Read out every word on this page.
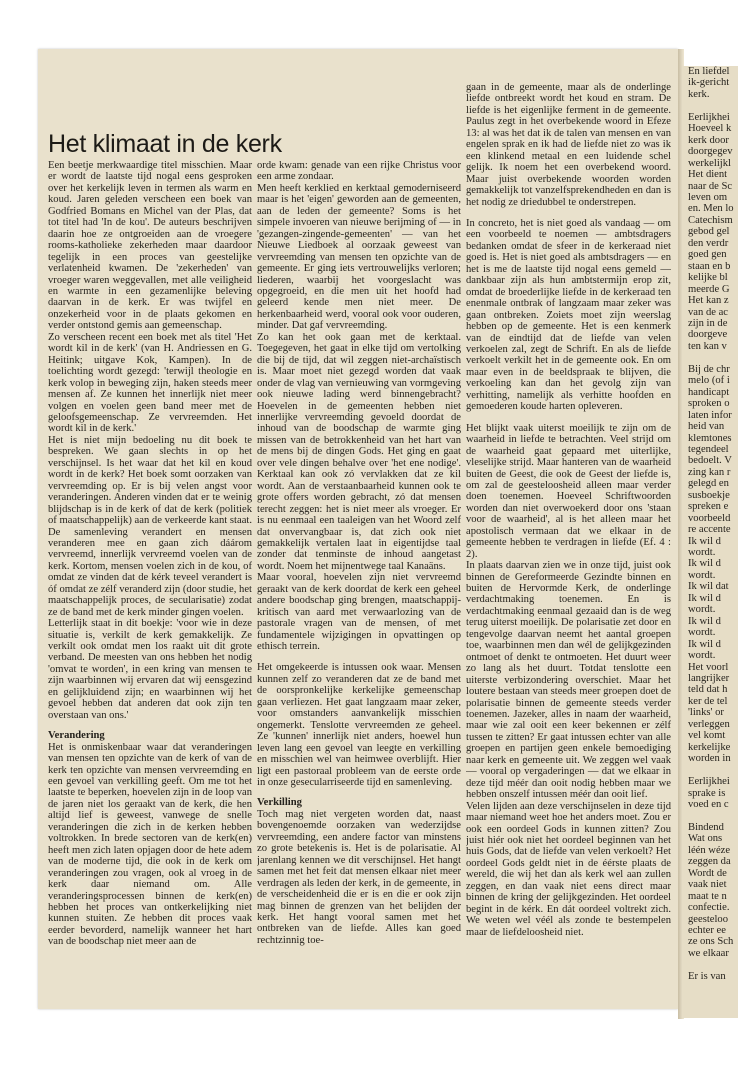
Het klimaat in de kerk

Een beetje merkwaardige titel misschien. Maar er wordt de laatste tijd nogal eens gesproken over het kerkelijk leven in termen als warm en koud. Jaren geleden verscheen een boek van Godfried Bomans en Michel van der Plas, dat tot titel had 'In de kou'. De auteurs beschrijven daarin hoe ze ontgroeiden aan de vroegere rooms-katholieke zekerheden maar daardoor tegelijk in een proces van geestelijke verlatenheid kwamen. De 'zekerheden' van vroeger waren weggevallen, met alle veiligheid en warmte in een gezamenlijke beleving daarvan in de kerk. Er was twijfel en onzekerheid voor in de plaats gekomen en verder ontstond gemis aan gemeenschap.

Zo verscheen recent een boek met als titel 'Het wordt kil in de kerk' (van H. Andriessen en G. Heitink; uitgave Kok, Kampen). In de toelichting wordt gezegd: 'terwijl theologie en kerk volop in beweging zijn, haken steeds meer mensen af. Ze kunnen het innerlijk niet meer volgen en voelen geen band meer met de geloofsgemeenschap. Ze vervreemden. Het wordt kil in de kerk.'

Het is niet mijn bedoeling nu dit boek te bespreken. We gaan slechts in op het verschijnsel. Is het waar dat het kil en koud wordt in de kerk? Het boek somt oorzaken van vervreemding op. Er is bij velen angst voor veranderingen. Anderen vinden dat er te weinig blijdschap is in de kerk of dat de kerk (politiek of maatschappelijk) aan de verkeerde kant staat. De samenleving verandert en mensen veranderen mee en gaan zich dáárom vervreemd, innerlijk vervreemd voelen van de kerk. Kortom, mensen voelen zich in de kou, of omdat ze vinden dat de kérk teveel verandert is óf omdat ze zélf veranderd zijn (door studie, het maatschappelijk proces, de secularisatie) zodat ze de band met de kerk minder gingen voelen.

Letterlijk staat in dit boekje: 'voor wie in deze situatie is, verkilt de kerk gemakkelijk. Ze verkilt ook omdat men los raakt uit dit grote verband. De meesten van ons hebben het nodig 'omvat te worden', in een kring van mensen te zijn waarbinnen wij ervaren dat wij eensgezind en gelijkluidend zijn; en waarbinnen wij het gevoel hebben dat anderen dat ook zijn ten overstaan van ons.'

Verandering

Het is onmiskenbaar waar dat veranderingen van mensen ten opzichte van de kerk of van de kerk ten opzichte van mensen vervreemding en een gevoel van verkilling geeft. Om me tot het laatste te beperken, hoevelen zijn in de loop van de jaren niet los geraakt van de kerk, die hen altijd lief is geweest, vanwege de snelle veranderingen die zich in de kerken hebben voltrokken. In brede sectoren van de kerk(en) heeft men zich laten opjagen door de hete adem van de moderne tijd, die ook in de kerk om veranderingen zou vragen, ook al vroeg in de kerk daar niemand om. Alle veranderingsprocessen binnen de kerk(en) hebben het proces van ontkerkelijking niet kunnen stuiten. Ze hebben dit proces vaak eerder bevorderd, namelijk wanneer het hart van de boodschap niet meer aan de

orde kwam: genade van een rijke Christus voor een arme zondaar.

Men heeft kerklied en kerktaal gemoderniseerd maar is het 'eigen' geworden aan de gemeenten, aan de leden der gemeente? Soms is het simpele invoeren van nieuwe berijming of — in 'gezangen-zingende-gemeenten' — van het Nieuwe Liedboek al oorzaak geweest van vervreemding van mensen ten opzichte van de gemeente. Er ging iets vertrouwelijks verloren; liederen, waarbij het voorgeslacht was opgegroeid, en die men uit het hoofd had geleerd kende men niet meer. De herkenbaarheid werd, vooral ook voor ouderen, minder. Dat gaf vervreemding.

Zo kan het ook gaan met de kerktaal. Toegegeven, het gaat in elke tijd om vertolking die bij de tijd, dat wil zeggen niet-archaïstisch is. Maar moet niet gezegd worden dat vaak onder de vlag van vernieuwing van vormgeving ook nieuwe lading werd binnengebracht? Hoevelen in de gemeenten hebben niet innerlijke vervreemding gevoeld doordat de inhoud van de boodschap de warmte ging missen van de betrokkenheid van het hart van de mens bij de dingen Gods. Het ging en gaat over vele dingen behalve over 'het ene nodige'. Kerktaal kan ook zó vervlakken dat ze kil wordt. Aan de verstaanbaarheid kunnen ook te grote offers worden gebracht, zó dat mensen terecht zeggen: het is niet meer als vroeger. Er is nu eenmaal een taaleigen van het Woord zelf dat onvervangbaar is, dat zich ook niet gemakkelijk vertalen laat in eigentijdse taal zonder dat tenminste de inhoud aangetast wordt. Noem het mijnentwege taal Kanaäns.

Maar vooral, hoevelen zijn niet vervreemd geraakt van de kerk doordat de kerk een geheel andere boodschap ging brengen, maatschappij-kritisch van aard met verwaarlozing van de pastorale vragen van de mensen, of met fundamentele wijzigingen in opvattingen op ethisch terrein.

Het omgekeerde is intussen ook waar. Mensen kunnen zelf zo veranderen dat ze de band met de oorspronkelijke kerkelijke gemeenschap gaan verliezen. Het gaat langzaam maar zeker, voor omstanders aanvankelijk misschien ongemerkt. Tenslotte vervreemden ze geheel. Ze 'kunnen' innerlijk niet anders, hoewel hun leven lang een gevoel van leegte en verkilling en misschien wel van heimwee overblijft. Hier ligt een pastoraal probleem van de eerste orde in onze gesecularriseerde tijd en samenleving.

Verkilling

Toch mag niet vergeten worden dat, naast bovengenoemde oorzaken van wederzijdse vervreemding, een andere factor van minstens zo grote betekenis is. Het is de polarisatie. Al jarenlang kennen we dit verschijnsel. Het hangt samen met het feit dat mensen elkaar niet meer verdragen als leden der kerk, in de gemeente, in de verscheidenheid die er is en die er ook zijn mag binnen de grenzen van het belijden der kerk. Het hangt vooral samen met het ontbreken van de liefde. Alles kan goed rechtzinnig toe-

gaan in de gemeente, maar als de onderlinge liefde ontbreekt wordt het koud en stram. De liefde is het eigenlijke ferment in de gemeente. Paulus zegt in het overbekende woord in Efeze 13: al was het dat ik de talen van mensen en van engelen sprak en ik had de liefde niet zo was ik een klinkend metaal en een luidende schel gelijk. Ik noem het een overbekend woord. Maar juist overbekende woorden worden gemakkelijk tot vanzelfsprekendheden en dan is het nodig ze driedubbel te onderstrepen.

In concreto, het is niet goed als vandaag — om een voorbeeld te noemen — ambtsdragers bedanken omdat de sfeer in de kerkeraad niet goed is. Het is niet goed als ambtsdragers — en het is me de laatste tijd nogal eens gemeld — dankbaar zijn als hun ambtstermijn erop zit, omdat de broederlijke liefde in de kerkeraad ten enenmale ontbrak of langzaam maar zeker was gaan ontbreken. Zoiets moet zijn weerslag hebben op de gemeente. Het is een kenmerk van de eindtijd dat de liefde van velen verkoelen zal, zegt de Schrift. En als de liefde verkoelt verkilt het in de gemeente ook. En om maar even in de beeldspraak te blijven, die verkoeling kan dan het gevolg zijn van verhitting, namelijk als verhitte hoofden en gemoederen koude harten opleveren.

Het blijkt vaak uiterst moeilijk te zijn om de waarheid in liefde te betrachten. Veel strijd om de waarheid gaat gepaard met uiterlijke, vleselijke strijd. Maar hanteren van de waarheid buiten de Geest, die ook de Geest der liefde is, om zal de geesteloosheid alleen maar verder doen toenemen. Hoeveel Schriftwoorden worden dan niet overwoekerd door ons 'staan voor de waarheid', al is het alleen maar het apostolisch vermaan dat we elkaar in de gemeente hebben te verdragen in liefde (Ef. 4 : 2).

In plaats daarvan zien we in onze tijd, juist ook binnen de Gereformeerde Gezindte binnen en buiten de Hervormde Kerk, de onderlinge verdachtmaking toenemen. En is verdachtmaking eenmaal gezaaid dan is de weg terug uiterst moeilijk. De polarisatie zet door en tengevolge daarvan neemt het aantal groepen toe, waarbinnen men dan wél de gelijkgezinden ontmoet of denkt te ontmoeten. Het duurt weer zo lang als het duurt. Totdat tenslotte een uiterste verbizondering overschiet. Maar het loutere bestaan van steeds meer groepen doet de polarisatie binnen de gemeente steeds verder toenemen. Jazeker, alles in naam der waarheid, maar wie zal ooit een keer bekennen er zélf tussen te zitten? Er gaat intussen echter van alle groepen en partijen geen enkele bemoediging naar kerk en gemeente uit. We zeggen wel vaak — vooral op vergaderingen — dat we elkaar in deze tijd méér dan ooit nodig hebben maar we hebben onszelf intussen méér dan ooit lief.

Velen lijden aan deze verschijnselen in deze tijd maar niemand weet hoe het anders moet. Zou er ook een oordeel Gods in kunnen zitten? Zou juist hiér ook niet het oordeel beginnen van het huis Gods, dat de liefde van velen verkoelt? Het oordeel Gods geldt niet in de éérste plaats de wereld, die wij het dan als kerk wel aan zullen zeggen, en dan vaak niet eens direct maar binnen de kring der gelijkgezinden. Het oordeel begint in de kérk. En dát oordeel voltrekt zich. We weten wel véél als zonde te bestempelen maar de liefdeloosheid niet.

En liefdel
ik-gericht
kerk.

Eerlijkhei
Hoeveel k
kerk door
doorgegev
werkelijkl
Het dient
naar de Sc
leven om
en. Men lo
Catechism
gebod gel
den verdr
goed gen
staan en b
kelijke bl
meerde G
Het kan z
van de ac
zijn in de
doorgeve
ten kan v

Bij de chr
melo (of i
handicapt
sproken o
laten infor
heid van
klemtones
tegendeel
bedoelt. V
zing kan r
gelegd en
susboekje
spreken e
voorbeeld
re accente
Ik wil d
wordt.
Ik wil d
wordt.
Ik wil dat
Ik wil d
wordt.
Ik wil d
wordt.
Ik wil d
wordt.
Het voorl
langrijker
teld dat h
ker de tel
'links' or
verleggen
vel komt
kerkelijke
worden in

Eerlijkhei
sprake is
voed en c

Bindend
Wat ons
léén wéze
zeggen da
Wordt de
vaak niet
maat te n
confectie.
geesteloo
echter ee
ze ons Sch
we elkaar

Er is van
